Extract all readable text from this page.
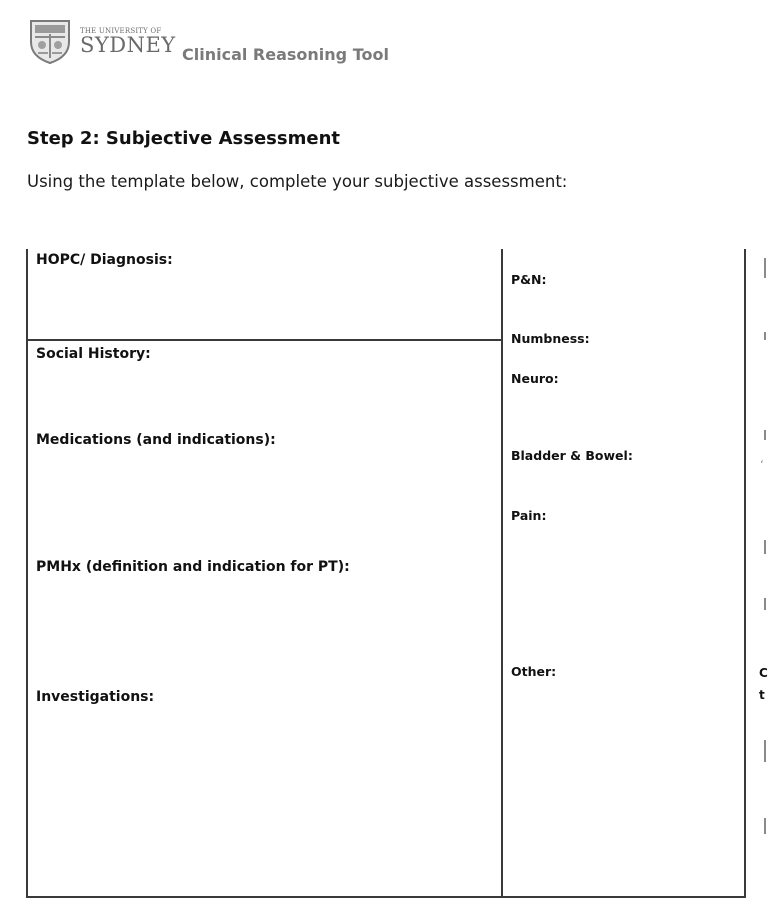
THE UNIVERSITY OF
SYDNEY Clinical Reasoning Tool
Step 2: Subjective Assessment
Using the template below, complete your subjective assessment:
HOPC/ Diagnosis:
Social History:
Medications (and indications):
PMHx (definition and indication for PT):
Investigations:
P&N:
Numbness:
Neuro:
Bladder & Bowel:
Pain:
Other:
‘
C
t
